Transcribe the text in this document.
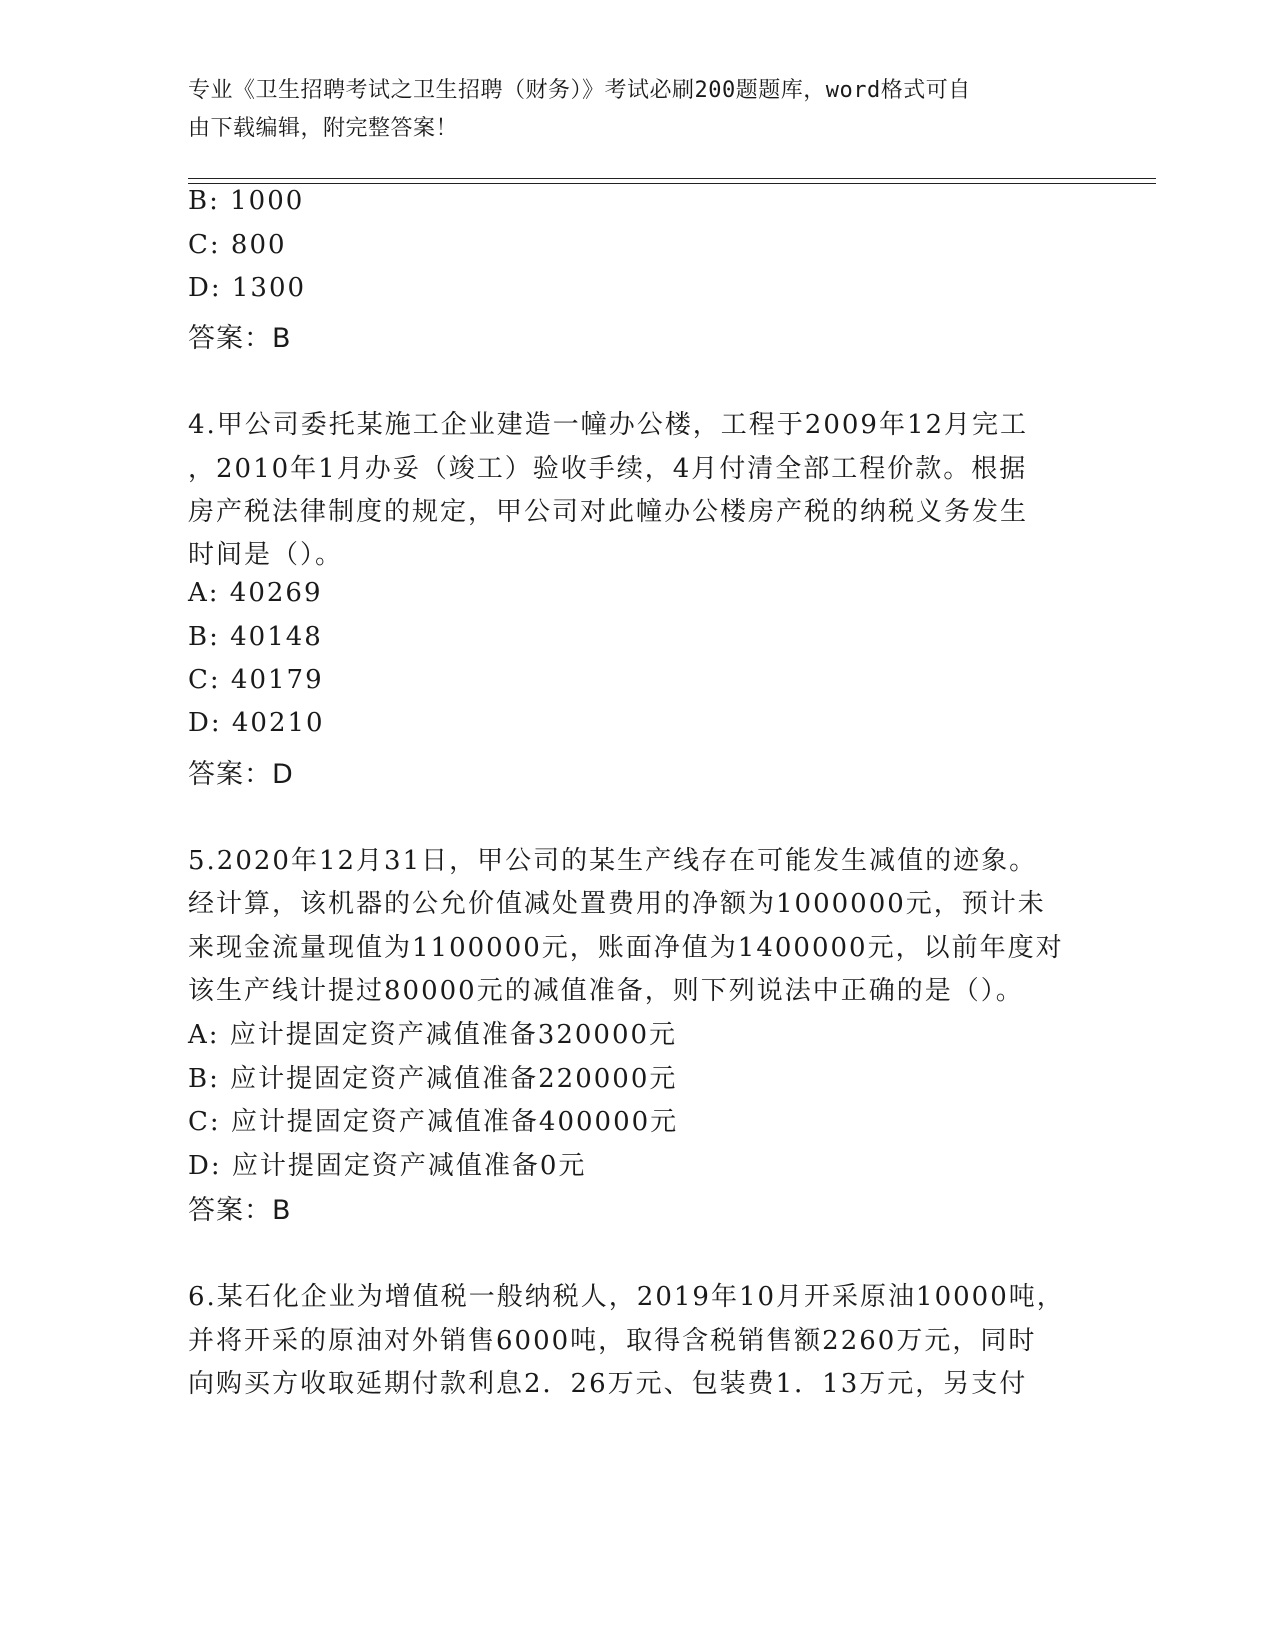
专业《卫生招聘考试之卫生招聘（财务）》考试必刷200题题库，word格式可自
由下载编辑，附完整答案！
B: 1000
C: 800
D: 1300
答案：B
4.甲公司委托某施工企业建造一幢办公楼，工程于2009年12月完工
，2010年1月办妥（竣工）验收手续，4月付清全部工程价款。根据
房产税法律制度的规定，甲公司对此幢办公楼房产税的纳税义务发生
时间是（）。
A: 40269
B: 40148
C: 40179
D: 40210
答案：D
5.2020年12月31日，甲公司的某生产线存在可能发生减值的迹象。
经计算，该机器的公允价值减处置费用的净额为1000000元，预计未
来现金流量现值为1100000元，账面净值为1400000元，以前年度对
该生产线计提过80000元的减值准备，则下列说法中正确的是（）。
A: 应计提固定资产减值准备320000元
B: 应计提固定资产减值准备220000元
C: 应计提固定资产减值准备400000元
D: 应计提固定资产减值准备0元
答案：B
6.某石化企业为增值税一般纳税人，2019年10月开采原油10000吨，
并将开采的原油对外销售6000吨，取得含税销售额2260万元，同时
向购买方收取延期付款利息2．26万元、包装费1．13万元，另支付
